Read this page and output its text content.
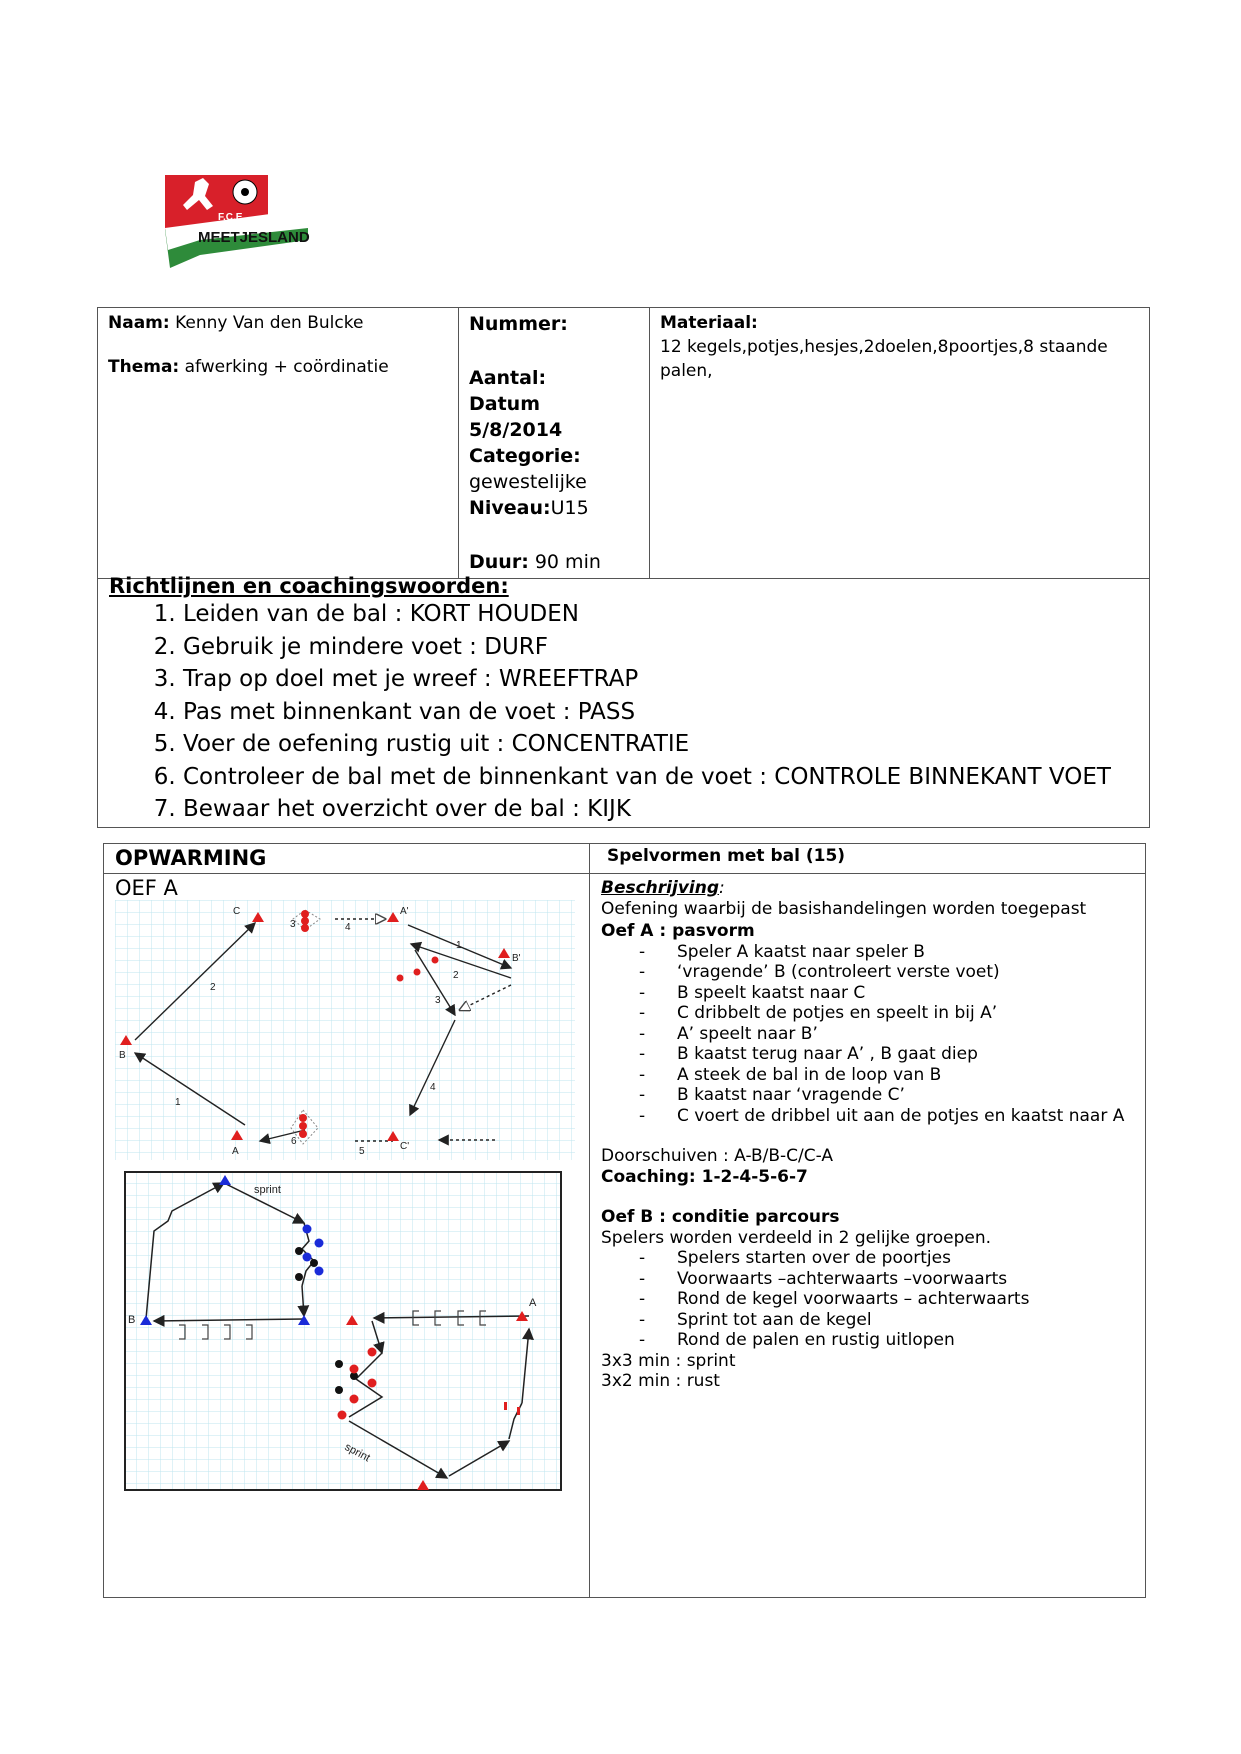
F.C.E.
MEETJESLAND
Naam: Kenny Van den Bulcke
Thema: afwerking + coördinatie

Nummer:
Aantal:
Datum
5/8/2014
Categorie:
gewestelijke
Niveau:U15
Duur: 90 min

Materiaal:
12 kegels,potjes,hesjes,2doelen,8poortjes,8 staande palen,
Richtlijnen en coachingswoorden:
1. Leiden van de bal : KORT HOUDEN
2. Gebruik je mindere voet : DURF
3. Trap op doel met je wreef : WREEFTRAP
4. Pas met binnenkant van de voet : PASS
5. Voer de oefening rustig uit : CONCENTRATIE
6. Controleer de bal met de binnenkant van de voet : CONTROLE BINNEKANT VOET
7. Bewaar het overzicht over de bal : KIJK
OPWARMING	Spelvormen met bal (15)
OEF A
C	A'
B'
B
A	C'
1
2
3	4
5
6
1
2
3
4
sprint
sprint
A
B
Beschrijving:
Oefening waarbij de basishandelingen worden toegepast
Oef A : pasvorm
- Speler A kaatst naar speler B
- ‘vragende’ B (controleert verste voet)
- B speelt kaatst naar C
- C dribbelt de potjes en speelt in bij A’
- A’ speelt naar B’
- B kaatst terug naar A’ , B gaat diep
- A steek de bal in de loop van B
- B kaatst naar ‘vragende C’
- C voert de dribbel uit aan de potjes en kaatst naar A
Doorschuiven : A-B/B-C/C-A
Coaching: 1-2-4-5-6-7
Oef B : conditie parcours
Spelers worden verdeeld in 2 gelijke groepen.
- Spelers starten over de poortjes
- Voorwaarts –achterwaarts –voorwaarts
- Rond de kegel voorwaarts – achterwaarts
- Sprint tot aan de kegel
- Rond de palen en rustig uitlopen
3x3 min : sprint
3x2 min : rust
